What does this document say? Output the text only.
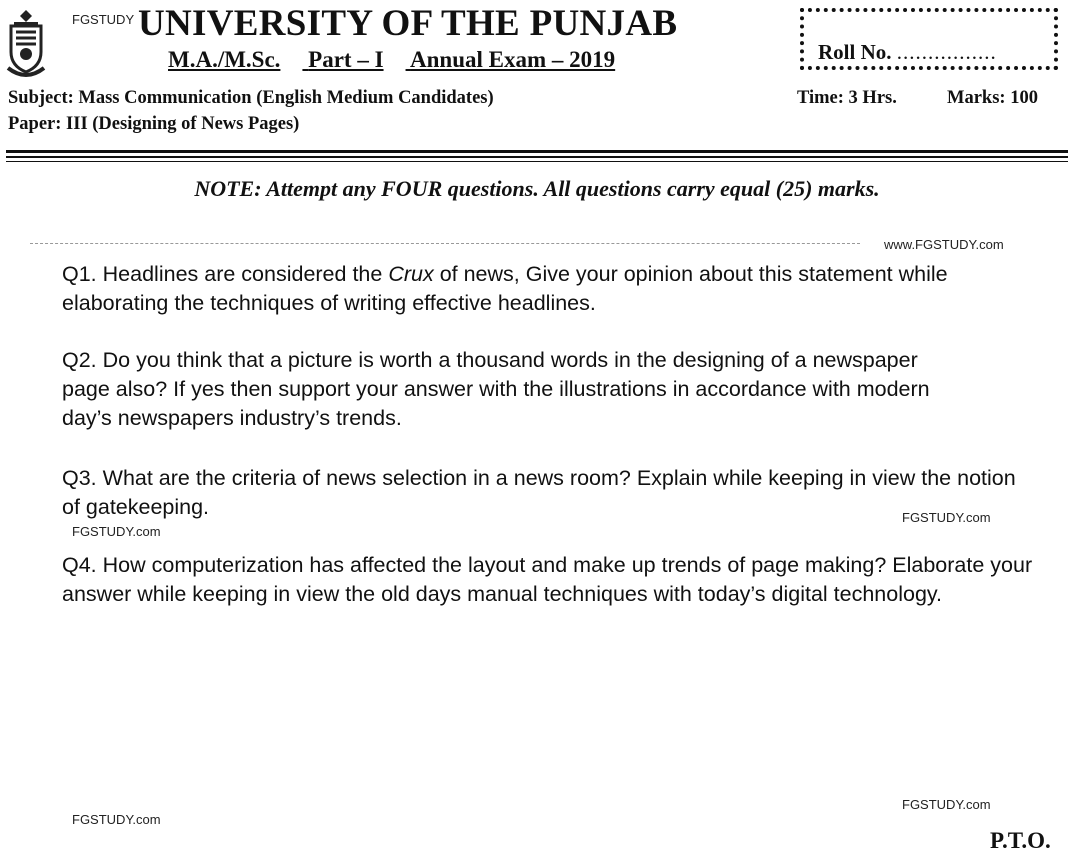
FGSTUDY UNIVERSITY OF THE PUNJAB
M.A./M.Sc. Part – I Annual Exam – 2019	Roll No. ................
Subject: Mass Communication (English Medium Candidates)
Paper: III (Designing of News Pages)
Time: 3 Hrs.	Marks: 100
NOTE: Attempt any FOUR questions. All questions carry equal (25) marks.
www.FGSTUDY.com
Q1. Headlines are considered the Crux of news, Give your opinion about this statement while elaborating the techniques of writing effective headlines.
Q2. Do you think that a picture is worth a thousand words in the designing of a newspaper page also? If yes then support your answer with the illustrations in accordance with modern day’s newspapers industry’s trends.
Q3. What are the criteria of news selection in a news room? Explain while keeping in view the notion of gatekeeping.
FGSTUDY.com
FGSTUDY.com
Q4. How computerization has affected the layout and make up trends of page making? Elaborate your answer while keeping in view the old days manual techniques with today’s digital technology.
FGSTUDY.com
FGSTUDY.com
P.T.O.
